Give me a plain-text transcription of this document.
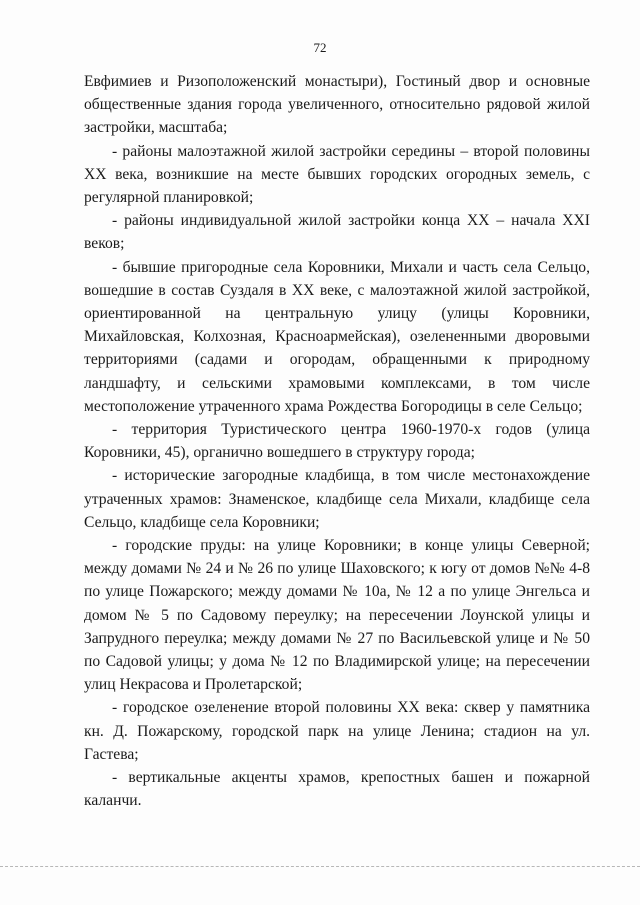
72

Евфимиев и Ризоположенский монастыри), Гостиный двор и основные общественные здания города увеличенного, относительно рядовой жилой застройки, масштаба;

- районы малоэтажной жилой застройки середины – второй половины XX века, возникшие на месте бывших городских огородных земель, с регулярной планировкой;

- районы индивидуальной жилой застройки конца XX – начала XXI веков;

- бывшие пригородные села Коровники, Михали и часть села Сельцо, вошедшие в состав Суздаля в XX веке, с малоэтажной жилой застройкой, ориентированной на центральную улицу (улицы Коровники, Михайловская, Колхозная, Красноармейская), озелененными дворовыми территориями (садами и огородам, обращенными к природному ландшафту, и сельскими храмовыми комплексами, в том числе местоположение утраченного храма Рождества Богородицы в селе Сельцо;

- территория Туристического центра 1960-1970-х годов (улица Коровники, 45), органично вошедшего в структуру города;

- исторические загородные кладбища, в том числе местонахождение утраченных храмов: Знаменское, кладбище села Михали, кладбище села Сельцо, кладбище села Коровники;

- городские пруды: на улице Коровники; в конце улицы Северной; между домами № 24 и № 26 по улице Шаховского; к югу от домов №№ 4-8 по улице Пожарского; между домами № 10а, № 12 а по улице Энгельса и домом № 5 по Садовому переулку; на пересечении Лоунской улицы и Запрудного переулка; между домами № 27 по Васильевской улице и № 50 по Садовой улицы; у дома № 12 по Владимирской улице; на пересечении улиц Некрасова и Пролетарской;

- городское озеленение второй половины XX века: сквер у памятника кн. Д. Пожарскому, городской парк на улице Ленина; стадион на ул. Гастева;

- вертикальные акценты храмов, крепостных башен и пожарной каланчи.
